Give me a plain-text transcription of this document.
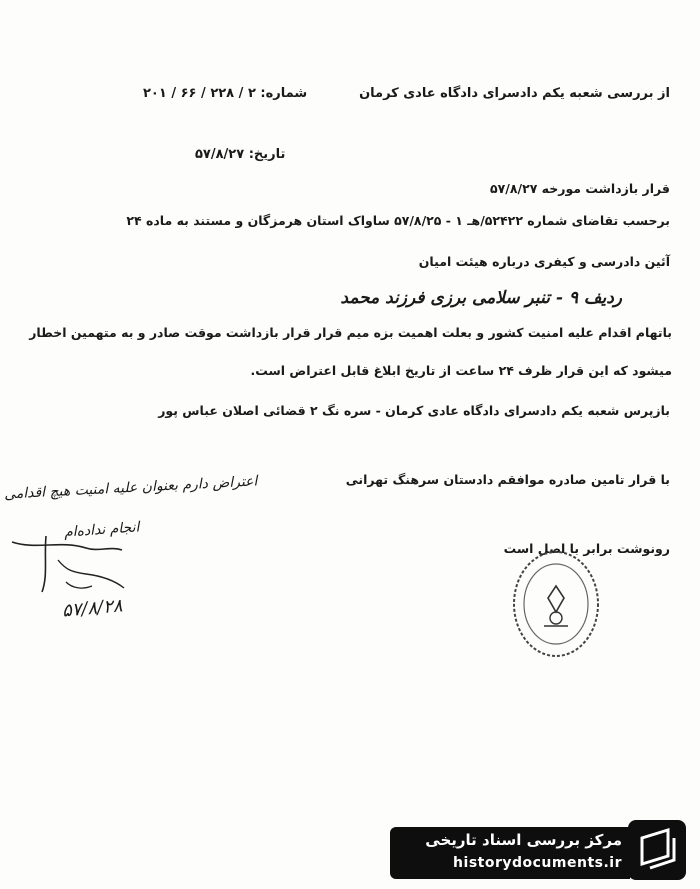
از بررسی شعبه یکم دادسرای دادگاه عادی کرمان
شماره: ۲ / ۲۲۸ / ۶۶ / ۲۰۱
تاریخ: ۵۷/۸/۲۷
قرار بازداشت مورخه ۵۷/۸/۲۷
برحسب تقاضای شماره ۵۲۴۲۲/هـ ۱ - ۵۷/۸/۲۵ ساواک استان هرمزگان و مستند به ماده ۲۴
آئین دادرسی و کیفری درباره هیئت امیان
ردیف ۹ - تنبر سلامی برزی فرزند محمد
باتهام اقدام علیه امنیت کشور و بعلت اهمیت بزه میم قرار قرار بازداشت موقت صادر و به متهمین اخطار
میشود که این قرار ظرف ۲۴ ساعت از تاریخ ابلاغ قابل اعتراض است.
بازپرس شعبه یکم دادسرای دادگاه عادی کرمان - سره نگ ۲ قضائی اصلان عباس پور
با قرار تامین صادره موافقم دادستان سرهنگ تهرانی
رونوشت برابر با اصل است
اعتراض دارم بعنوان علیه امنیت هیچ اقدامی
انجام نداده‌ام
۵۷/۸/۲۸
مرکز بررسی اسناد تاریخی
historydocuments.ir
